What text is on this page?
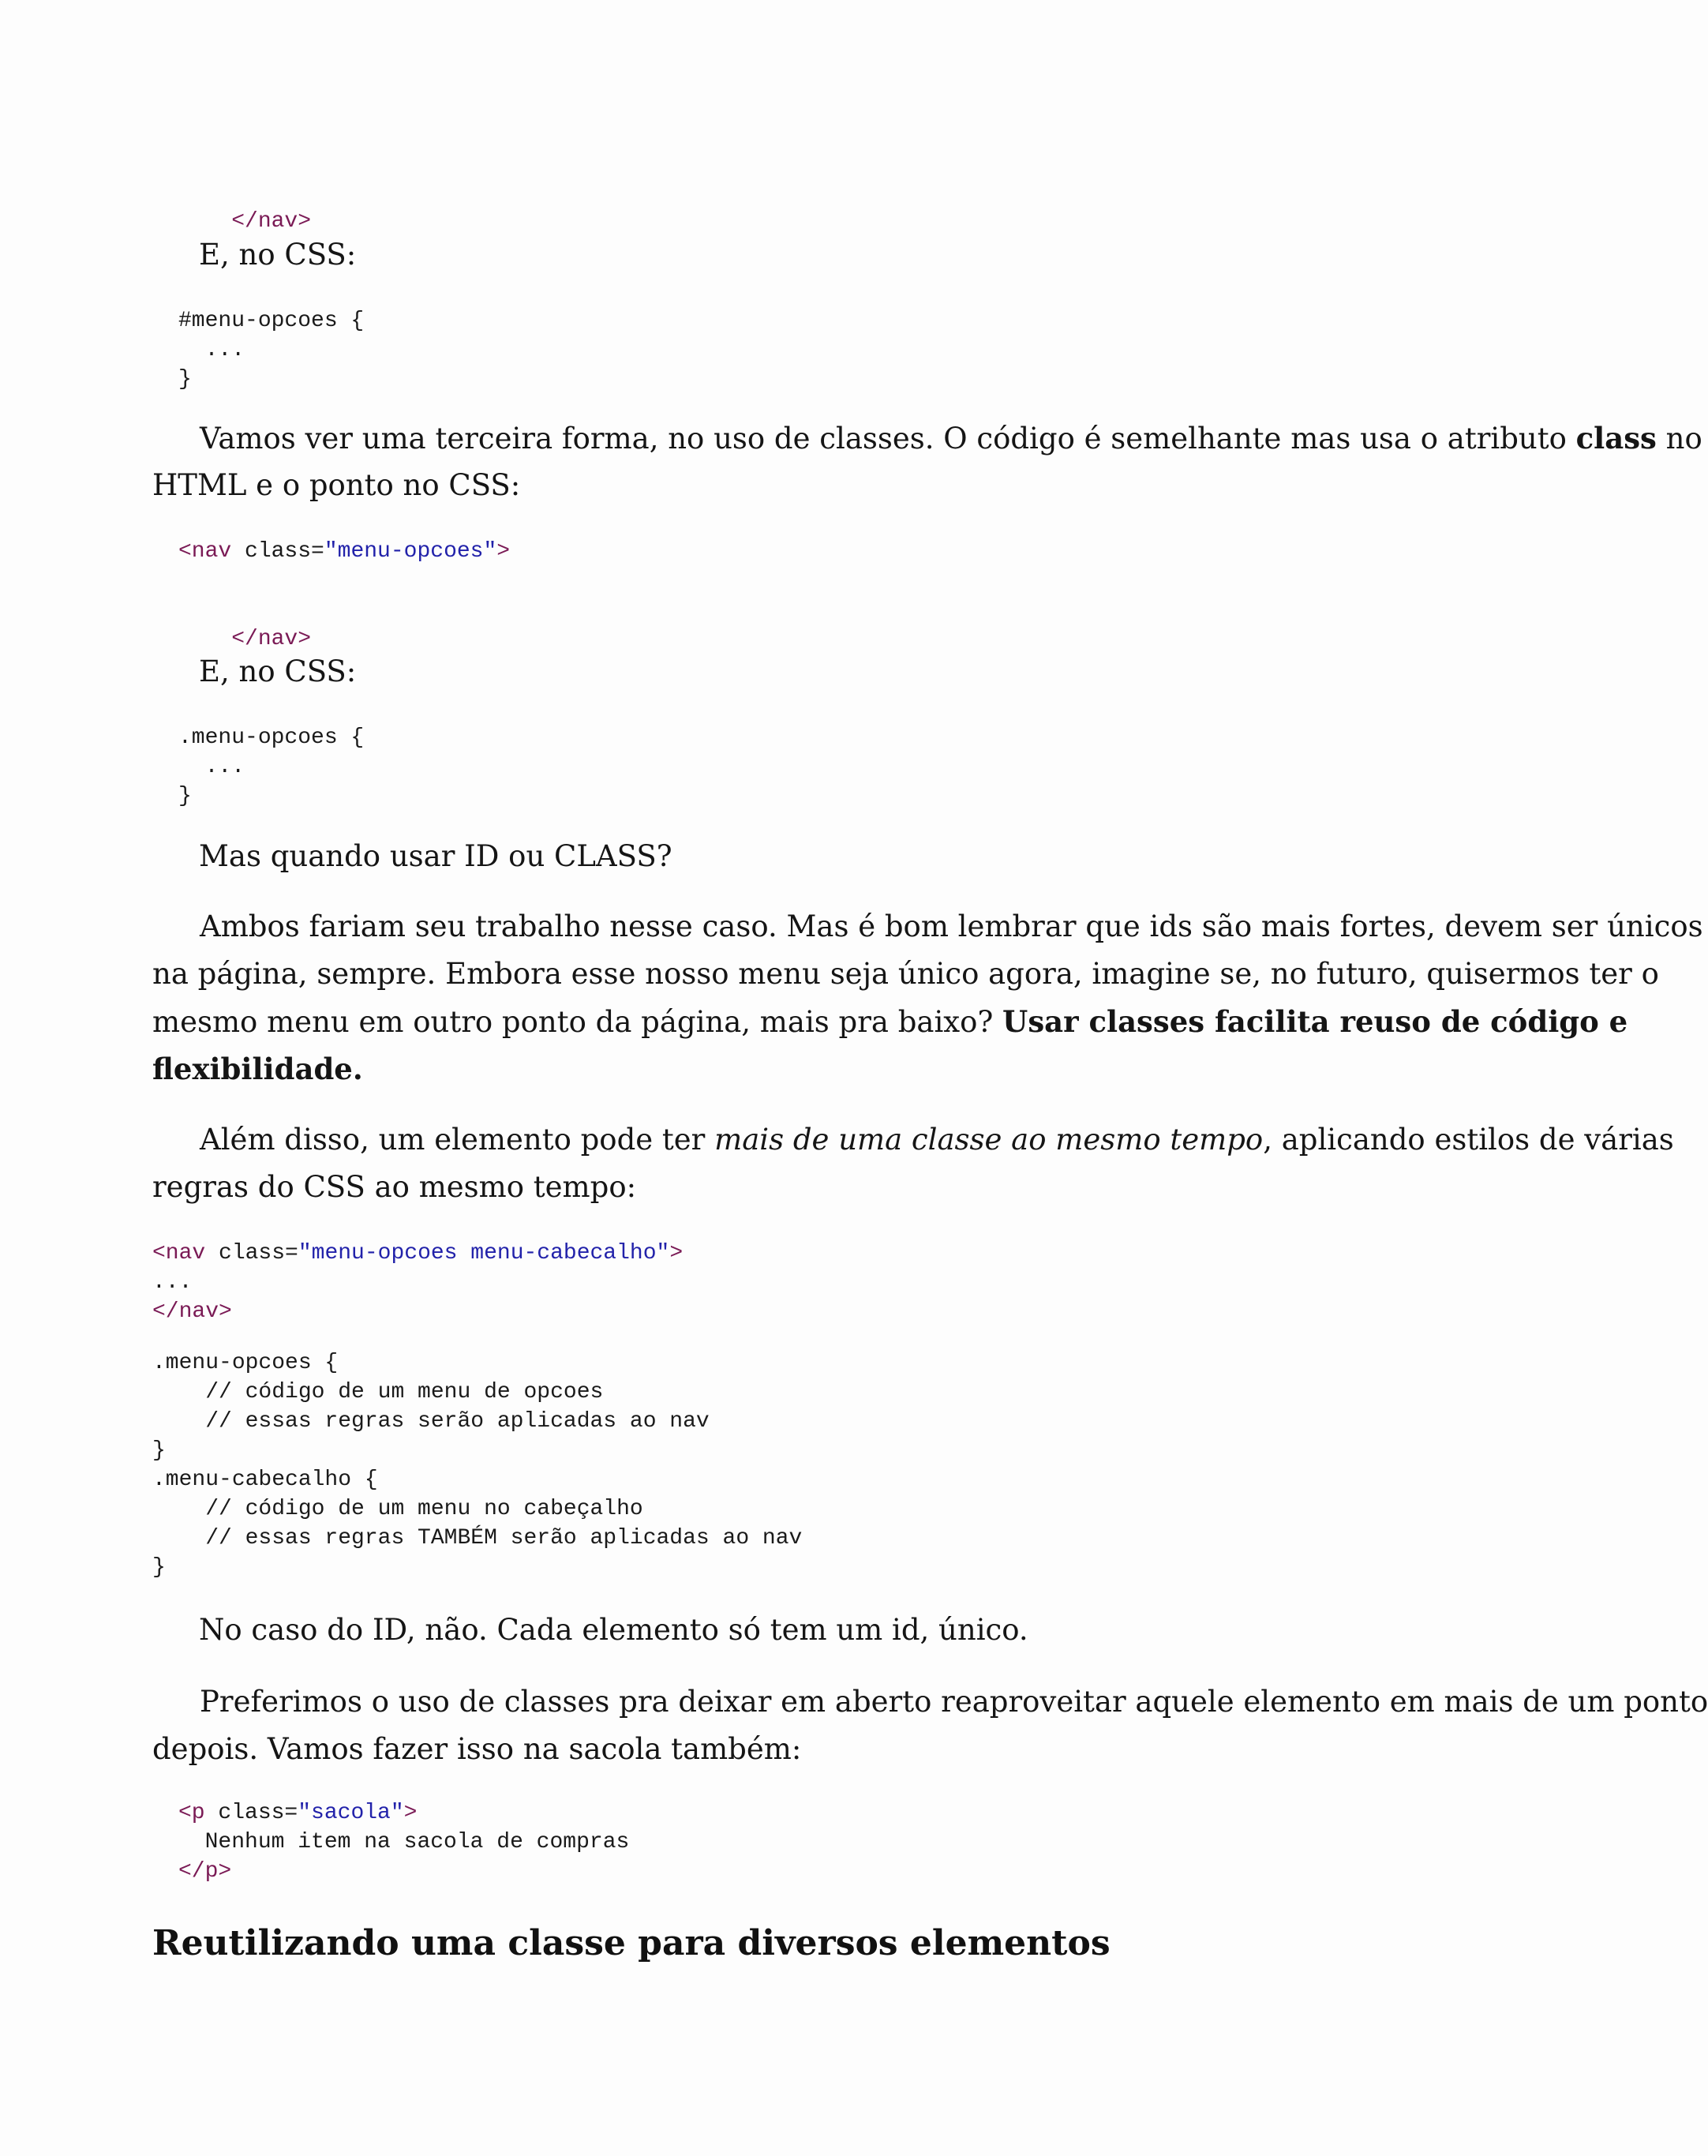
</nav>

E, no CSS:

#menu-opcoes {
...
}
Vamos ver uma terceira forma, no uso de classes. O código é semelhante mas usa o atributo class no
HTML e o ponto no CSS:
<nav class="menu-opcoes">

</nav>

E, no CSS:

.menu-opcoes {
...
}

Mas quando usar ID ou CLASS?

Ambos fariam seu trabalho nesse caso. Mas é bom lembrar que ids são mais fortes, devem ser únicos
na página, sempre. Embora esse nosso menu seja único agora, imagine se, no futuro, quisermos ter o
mesmo menu em outro ponto da página, mais pra baixo? Usar classes facilita reuso de código e
flexibilidade.
Além disso, um elemento pode ter mais de uma classe ao mesmo tempo, aplicando estilos de várias
regras do CSS ao mesmo tempo:
<nav class="menu-opcoes menu-cabecalho">
...
</nav>
.menu-opcoes {
// código de um menu de opcoes
// essas regras serão aplicadas ao nav
}
.menu-cabecalho {
// código de um menu no cabeçalho
// essas regras TAMBÉM serão aplicadas ao nav
}

No caso do ID, não. Cada elemento só tem um id, único.

Preferimos o uso de classes pra deixar em aberto reaproveitar aquele elemento em mais de um ponto
depois. Vamos fazer isso na sacola também:
<p class="sacola">
Nenhum item na sacola de compras
</p>
Reutilizando uma classe para diversos elementos
